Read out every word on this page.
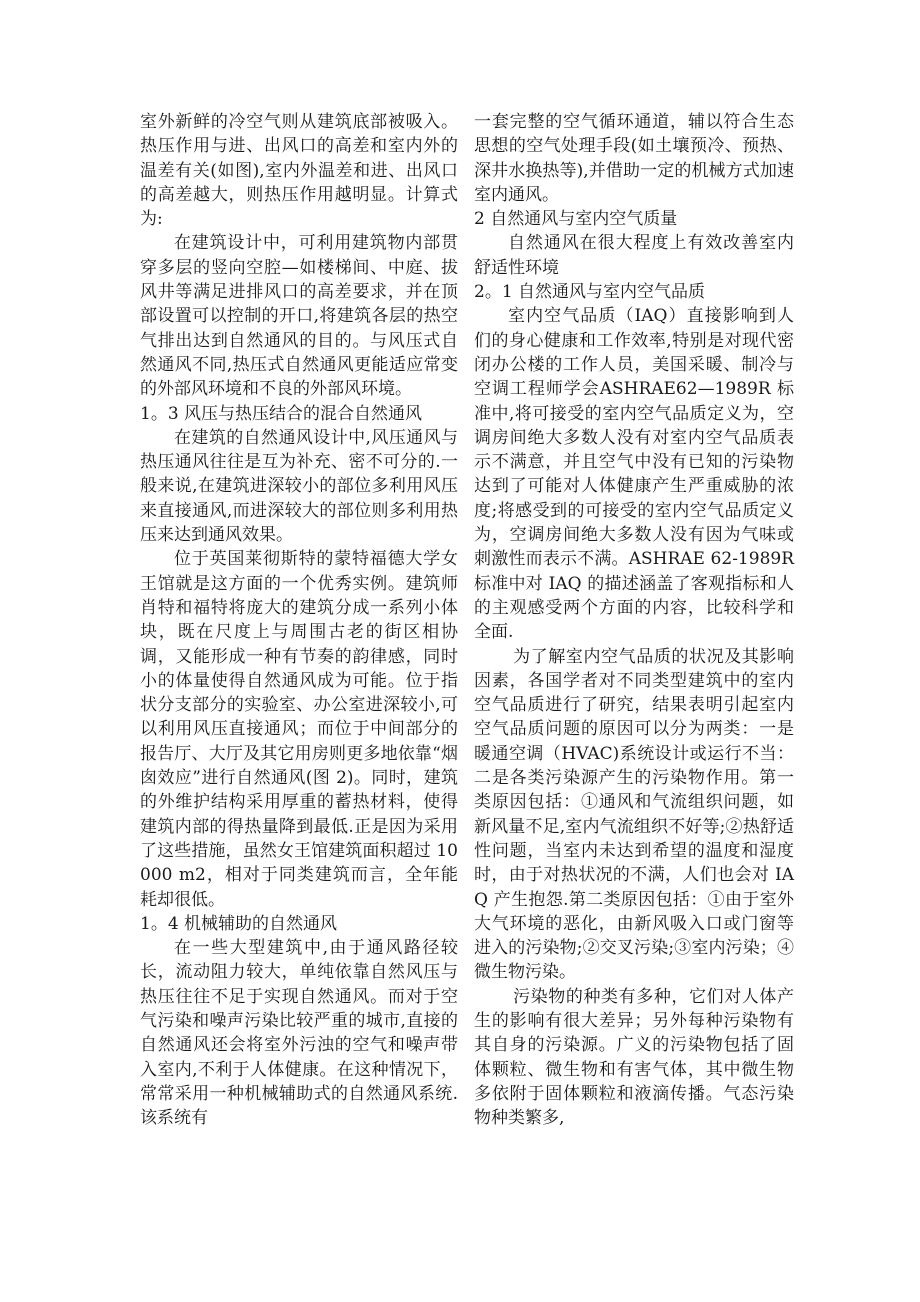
室外新鲜的冷空气则从建筑底部被吸入。热压作用与进、出风口的高差和室内外的温差有关(如图),室内外温差和进、出风口的高差越大，则热压作用越明显。计算式为:

在建筑设计中，可利用建筑物内部贯穿多层的竖向空腔—如楼梯间、中庭、拔风井等满足进排风口的高差要求，并在顶部设置可以控制的开口,将建筑各层的热空气排出达到自然通风的目的。与风压式自然通风不同,热压式自然通风更能适应常变的外部风环境和不良的外部风环境。

1。3 风压与热压结合的混合自然通风

在建筑的自然通风设计中,风压通风与热压通风往往是互为补充、密不可分的.一般来说,在建筑进深较小的部位多利用风压来直接通风,而进深较大的部位则多利用热压来达到通风效果。

位于英国莱彻斯特的蒙特福德大学女王馆就是这方面的一个优秀实例。建筑师肖特和福特将庞大的建筑分成一系列小体块，既在尺度上与周围古老的街区相协调，又能形成一种有节奏的韵律感，同时小的体量使得自然通风成为可能。位于指状分支部分的实验室、办公室进深较小,可以利用风压直接通风；而位于中间部分的报告厅、大厅及其它用房则更多地依靠“烟囱效应”进行自然通风(图 2)。同时，建筑的外维护结构采用厚重的蓄热材料，使得建筑内部的得热量降到最低.正是因为采用了这些措施，虽然女王馆建筑面积超过 10 000 m2，相对于同类建筑而言，全年能耗却很低。

1。4 机械辅助的自然通风

在一些大型建筑中,由于通风路径较长，流动阻力较大，单纯依靠自然风压与热压往往不足于实现自然通风。而对于空气污染和噪声污染比较严重的城市,直接的自然通风还会将室外污浊的空气和噪声带入室内,不利于人体健康。在这种情况下，常常采用一种机械辅助式的自然通风系统.该系统有

一套完整的空气循环通道，辅以符合生态思想的空气处理手段(如土壤预冷、预热、深井水换热等),并借助一定的机械方式加速室内通风。

2 自然通风与室内空气质量

自然通风在很大程度上有效改善室内舒适性环境

2。1 自然通风与室内空气品质

室内空气品质（IAQ）直接影响到人们的身心健康和工作效率,特别是对现代密闭办公楼的工作人员，美国采暖、制冷与空调工程师学会ASHRAE62—1989R 标准中,将可接受的室内空气品质定义为，空调房间绝大多数人没有对室内空气品质表示不满意，并且空气中没有已知的污染物达到了可能对人体健康产生严重威胁的浓度;将感受到的可接受的室内空气品质定义为，空调房间绝大多数人没有因为气味或刺激性而表示不满。ASHRAE 62-1989R 标准中对 IAQ 的描述涵盖了客观指标和人的主观感受两个方面的内容，比较科学和全面.

为了解室内空气品质的状况及其影响因素，各国学者对不同类型建筑中的室内空气品质进行了研究，结果表明引起室内空气品质问题的原因可以分为两类：一是暖通空调（HVAC)系统设计或运行不当：二是各类污染源产生的污染物作用。第一类原因包括：①通风和气流组织问题，如新风量不足,室内气流组织不好等;②热舒适性问题，当室内未达到希望的温度和湿度时，由于对热状况的不满，人们也会对 IAQ 产生抱怨.第二类原因包括：①由于室外大气环境的恶化，由新风吸入口或门窗等进入的污染物;②交叉污染;③室内污染；④微生物污染。

污染物的种类有多种，它们对人体产生的影响有很大差异；另外每种污染物有其自身的污染源。广义的污染物包括了固体颗粒、微生物和有害气体，其中微生物多依附于固体颗粒和液滴传播。气态污染物种类繁多,
